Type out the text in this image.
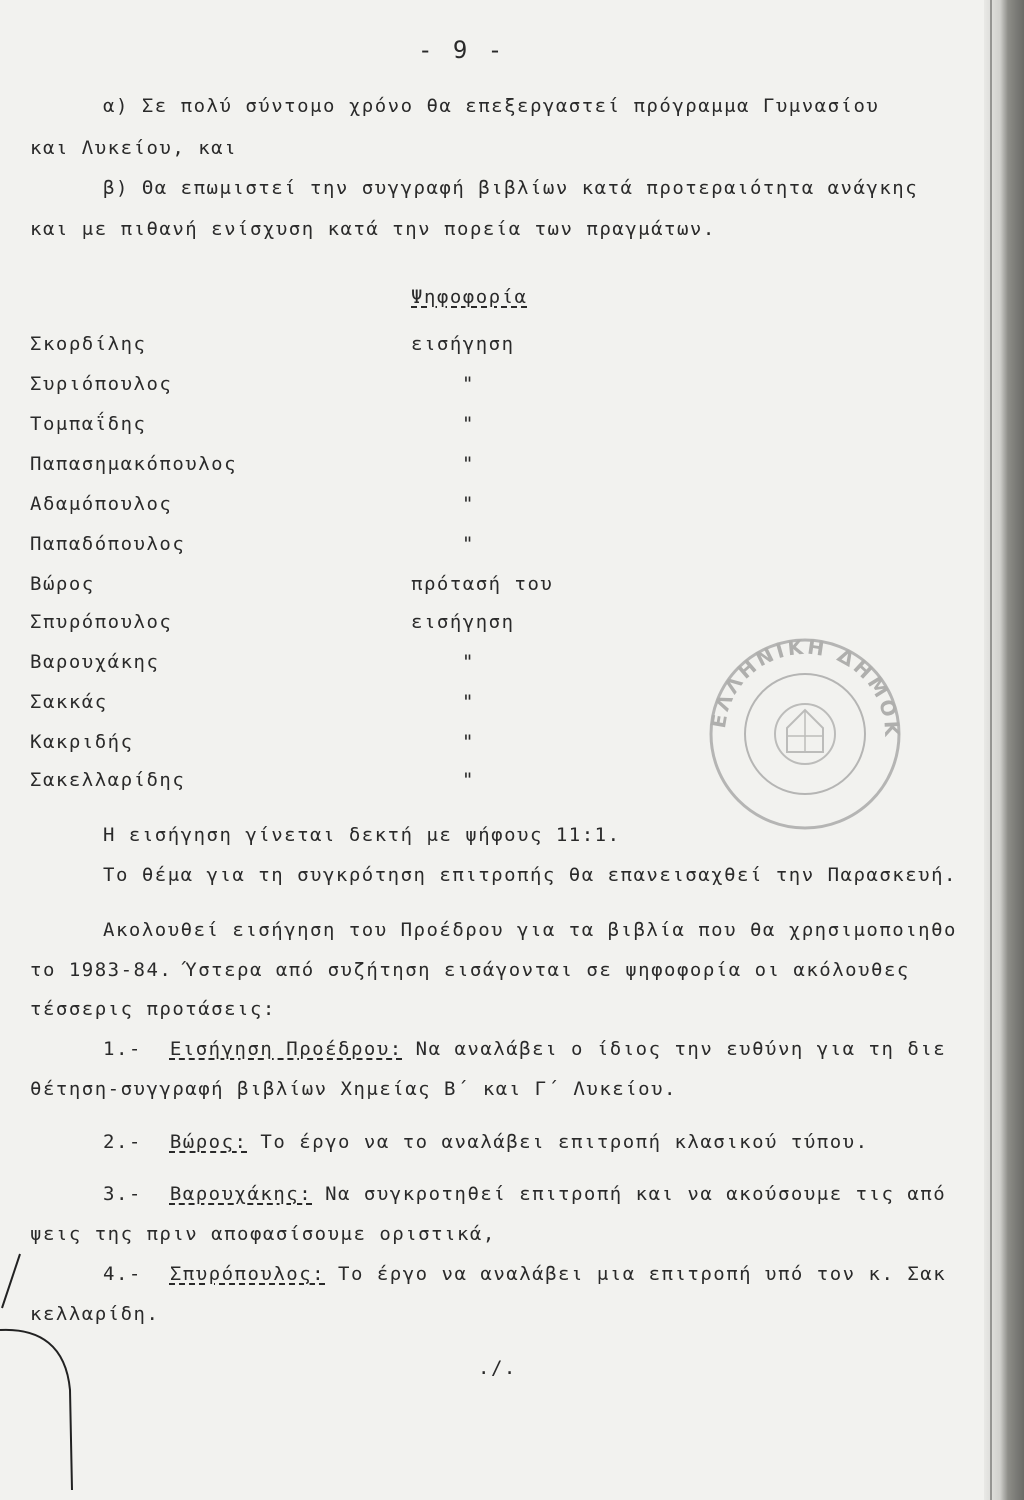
- 9 -
α) Σε πολύ σύντομο χρόνο θα επεξεργαστεί πρόγραμμα Γυμνασίου
και Λυκείου, και
β) Θα επωμιστεί την συγγραφή βιβλίων κατά προτεραιότητα ανάγκης
και με πιθανή ενίσχυση κατά την πορεία των πραγμάτων.
Ψηφοφορία
Σκορδίλης	εισήγηση
Συριόπουλος	"
Τομπαΐδης	"
Παπασημακόπουλος	"
Αδαμόπουλος	"
Παπαδόπουλος	"
Βώρος	πρότασή του
Σπυρόπουλος	εισήγηση
Βαρουχάκης	"
Σακκάς	"
Κακριδής	"
Σακελλαρίδης	"
Η εισήγηση γίνεται δεκτή με ψήφους 11:1.
Το θέμα για τη συγκρότηση επιτροπής θα επανεισαχθεί την Παρασκευή.
Ακολουθεί εισήγηση του Προέδρου για τα βιβλία που θα χρησιμοποιηθο
το 1983-84. Ύστερα από συζήτηση εισάγονται σε ψηφοφορία οι ακόλουθες
τέσσερις προτάσεις:
1.- Εισήγηση Προέδρου: Να αναλάβει ο ίδιος την ευθύνη για τη διε
θέτηση-συγγραφή βιβλίων Χημείας Β΄ και Γ΄ Λυκείου.
2.- Βώρος: Το έργο να το αναλάβει επιτροπή κλασικού τύπου.
3.- Βαρουχάκης: Να συγκροτηθεί επιτροπή και να ακούσουμε τις από
ψεις της πριν αποφασίσουμε οριστικά,
4.- Σπυρόπουλος: Το έργο να αναλάβει μια επιτροπή υπό τον κ. Σακ
κελλαρίδη.
./.
ΕΛΛΗΝΙΚΗ ΔΗΜΟΚ
